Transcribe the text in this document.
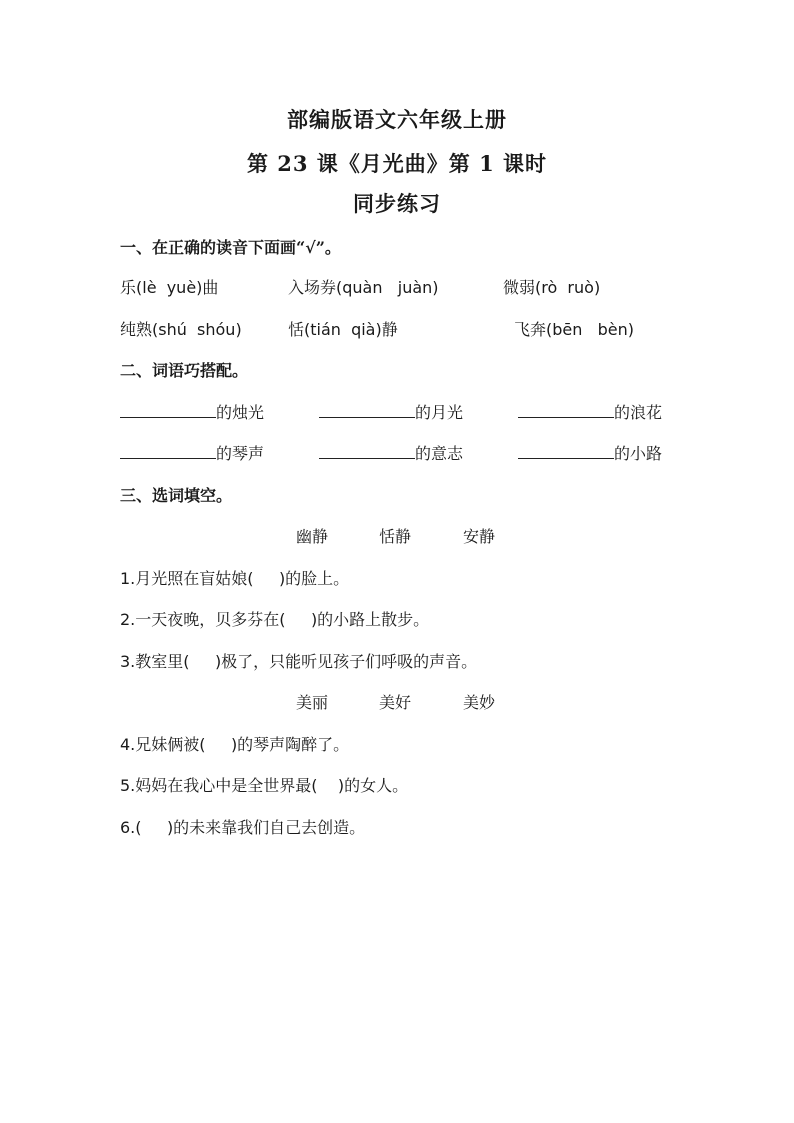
部编版语文六年级上册
第 23 课《月光曲》第 1 课时
同步练习
一、在正确的读音下面画“√”。
乐(lè  yuè)曲	入场券(quàn   juàn)	微弱(rò  ruò)
纯熟(shú  shóu)	恬(tián  qià)静	飞奔(bēn   bèn)
二、词语巧搭配。
的烛光	的月光	的浪花
的琴声	的意志	的小路
三、选词填空。
幽静	恬静	安静
1.月光照在盲姑娘(     )的脸上。
2.一天夜晚，贝多芬在(     )的小路上散步。
3.教室里(     )极了，只能听见孩子们呼吸的声音。
美丽	美好	美妙
4.兄妹俩被(     )的琴声陶醉了。
5.妈妈在我心中是全世界最(    )的女人。
6.(     )的未来靠我们自己去创造。
